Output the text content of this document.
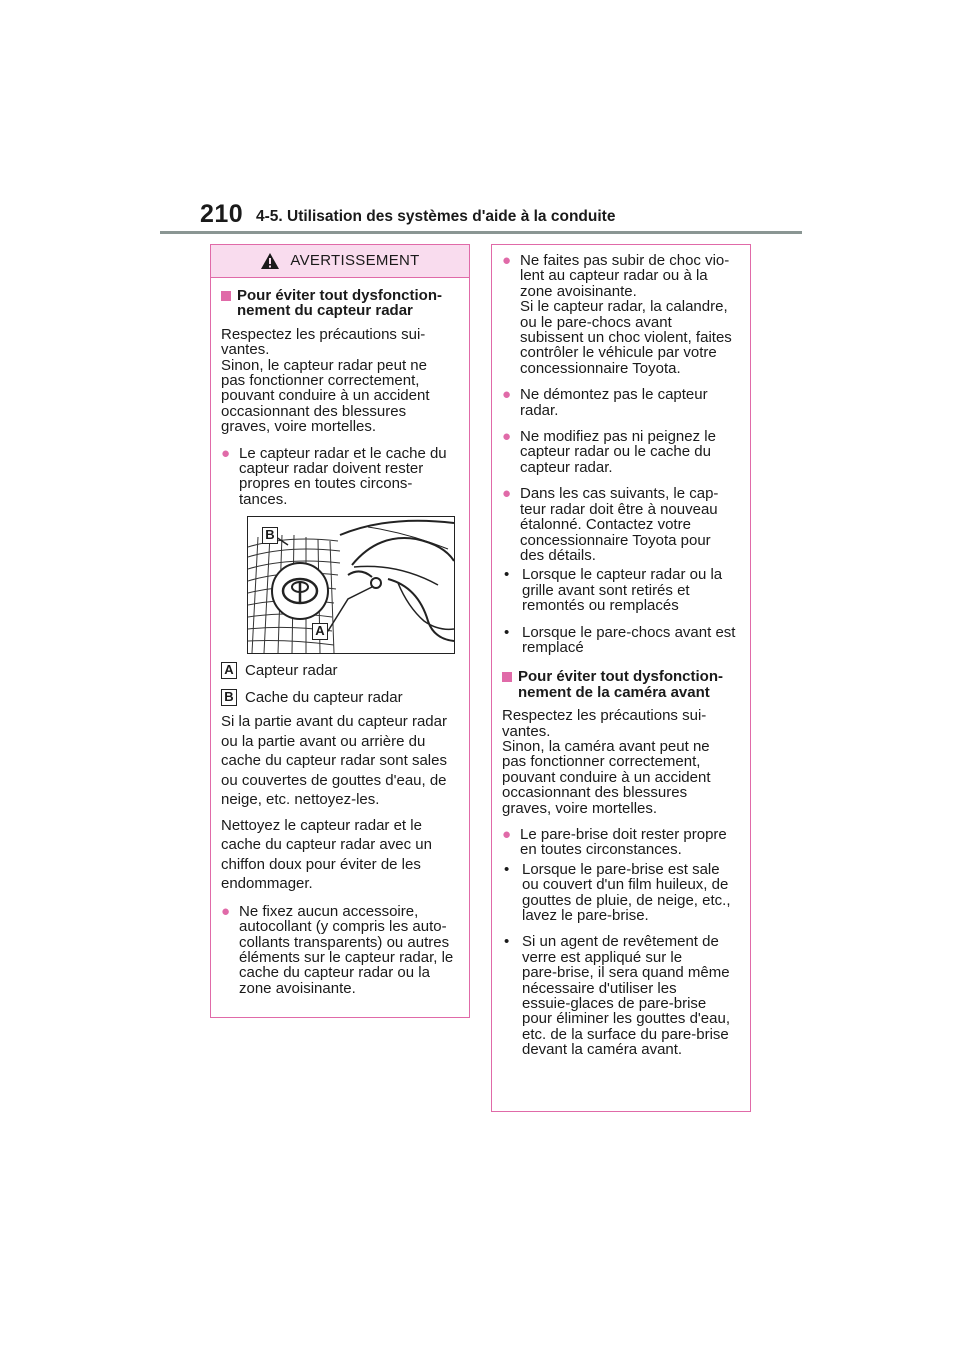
210 4-5. Utilisation des systèmes d'aide à la conduite
AVERTISSEMENT

Pour éviter tout dysfonction-
nement du capteur radar

Respectez les précautions sui-
vantes.
Sinon, le capteur radar peut ne
pas fonctionner correctement,
pouvant conduire à un accident
occasionnant des blessures
graves, voire mortelles.

● Le capteur radar et le cache du
capteur radar doivent rester
propres en toutes circons-
tances.

B
A
A Capteur radar
B Cache du capteur radar

Si la partie avant du capteur radar
ou la partie avant ou arrière du
cache du capteur radar sont sales
ou couvertes de gouttes d'eau, de
neige, etc. nettoyez-les.

Nettoyez le capteur radar et le
cache du capteur radar avec un
chiffon doux pour éviter de les
endommager.

● Ne fixez aucun accessoire,
autocollant (y compris les auto-
collants transparents) ou autres
éléments sur le capteur radar, le
cache du capteur radar ou la
zone avoisinante.

● Ne faites pas subir de choc vio-
lent au capteur radar ou à la
zone avoisinante.
Si le capteur radar, la calandre,
ou le pare-chocs avant
subissent un choc violent, faites
contrôler le véhicule par votre
concessionnaire Toyota.

● Ne démontez pas le capteur
radar.

● Ne modifiez pas ni peignez le
capteur radar ou le cache du
capteur radar.

● Dans les cas suivants, le cap-
teur radar doit être à nouveau
étalonné. Contactez votre
concessionnaire Toyota pour
des détails.

• Lorsque le capteur radar ou la
grille avant sont retirés et
remontés ou remplacés

• Lorsque le pare-chocs avant est
remplacé

Pour éviter tout dysfonction-
nement de la caméra avant

Respectez les précautions sui-
vantes.
Sinon, la caméra avant peut ne
pas fonctionner correctement,
pouvant conduire à un accident
occasionnant des blessures
graves, voire mortelles.

● Le pare-brise doit rester propre
en toutes circonstances.

• Lorsque le pare-brise est sale
ou couvert d'un film huileux, de
gouttes de pluie, de neige, etc.,
lavez le pare-brise.

• Si un agent de revêtement de
verre est appliqué sur le
pare-brise, il sera quand même
nécessaire d'utiliser les
essuie-glaces de pare-brise
pour éliminer les gouttes d'eau,
etc. de la surface du pare-brise
devant la caméra avant.
